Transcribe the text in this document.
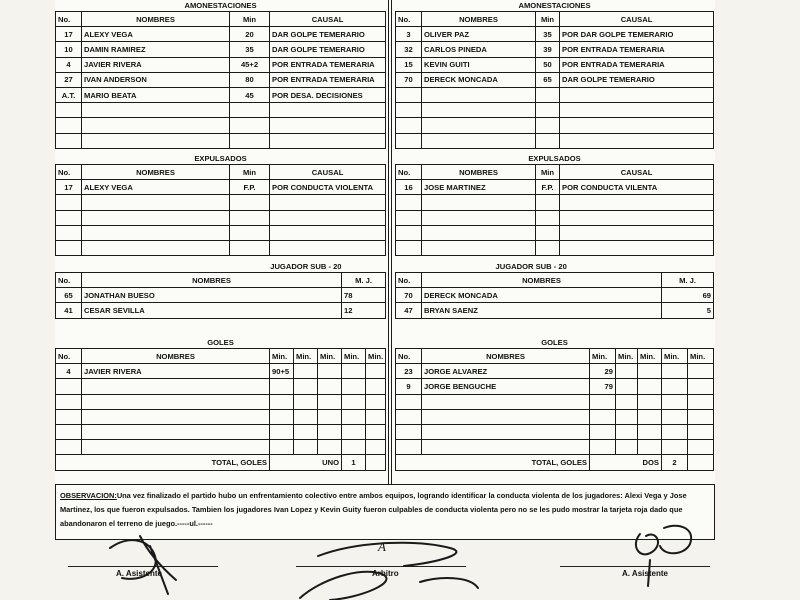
AMONESTACIONES			
No.	NOMBRES	Min	CAUSAL
17	ALEXY VEGA	20	DAR GOLPE TEMERARIO
10	DAMIN RAMIREZ	35	DAR GOLPE TEMERARIO
4	JAVIER RIVERA	45+2	POR ENTRADA TEMERARIA
27	IVAN ANDERSON	80	POR ENTRADA TEMERARIA
A.T.	MARIO BEATA	45	POR DESA. DECISIONES

AMONESTACIONES			
No.	NOMBRES	Min	CAUSAL
3	OLIVER PAZ	35	POR DAR GOLPE TEMERARIO
32	CARLOS PINEDA	39	POR ENTRADA TEMERARIA
15	KEVIN GUITI	50	POR ENTRADA TEMERARIA
70	DERECK MONCADA	65	DAR GOLPE TEMERARIO

EXPULSADOS			
No.	NOMBRES	Min	CAUSAL
17	ALEXY VEGA	F.P.	POR CONDUCTA VIOLENTA

EXPULSADOS			
No.	NOMBRES	Min	CAUSAL
16	JOSE MARTINEZ	F.P.	POR CONDUCTA VILENTA

JUGADOR SUB - 20		
No.	NOMBRES	M. J.
65	JONATHAN BUESO	78
41	CESAR SEVILLA	12
JUGADOR SUB - 20		
No.	NOMBRES	M. J.
70	DERECK MONCADA	69
47	BRYAN SAENZ	5
GOLES						
No.	NOMBRES	Min.	Min.	Min.	Min.	Min.
4	JAVIER RIVERA	90+5				

TOTAL, GOLES		UNO			1	
GOLES						
No.	NOMBRES	Min.	Min.	Min.	Min.	Min.
23	JORGE ALVAREZ	29				
9	JORGE BENGUCHE	79				

TOTAL, GOLES		DOS			2	
OBSERVACION:Una vez finalizado el partido hubo un enfrentamiento colectivo entre ambos equipos, logrando identificar la conducta violenta de los jugadores: Alexi Vega y Jose Martinez, los que fueron expulsados. Tambien los jugadores Ivan Lopez y Kevin Guity fueron culpables de conducta violenta pero no se les pudo mostrar la tarjeta roja dado que abandonaron el terreno de juego.-----ul.------
A. Asistente	Arbitro	A. Asistente
A
